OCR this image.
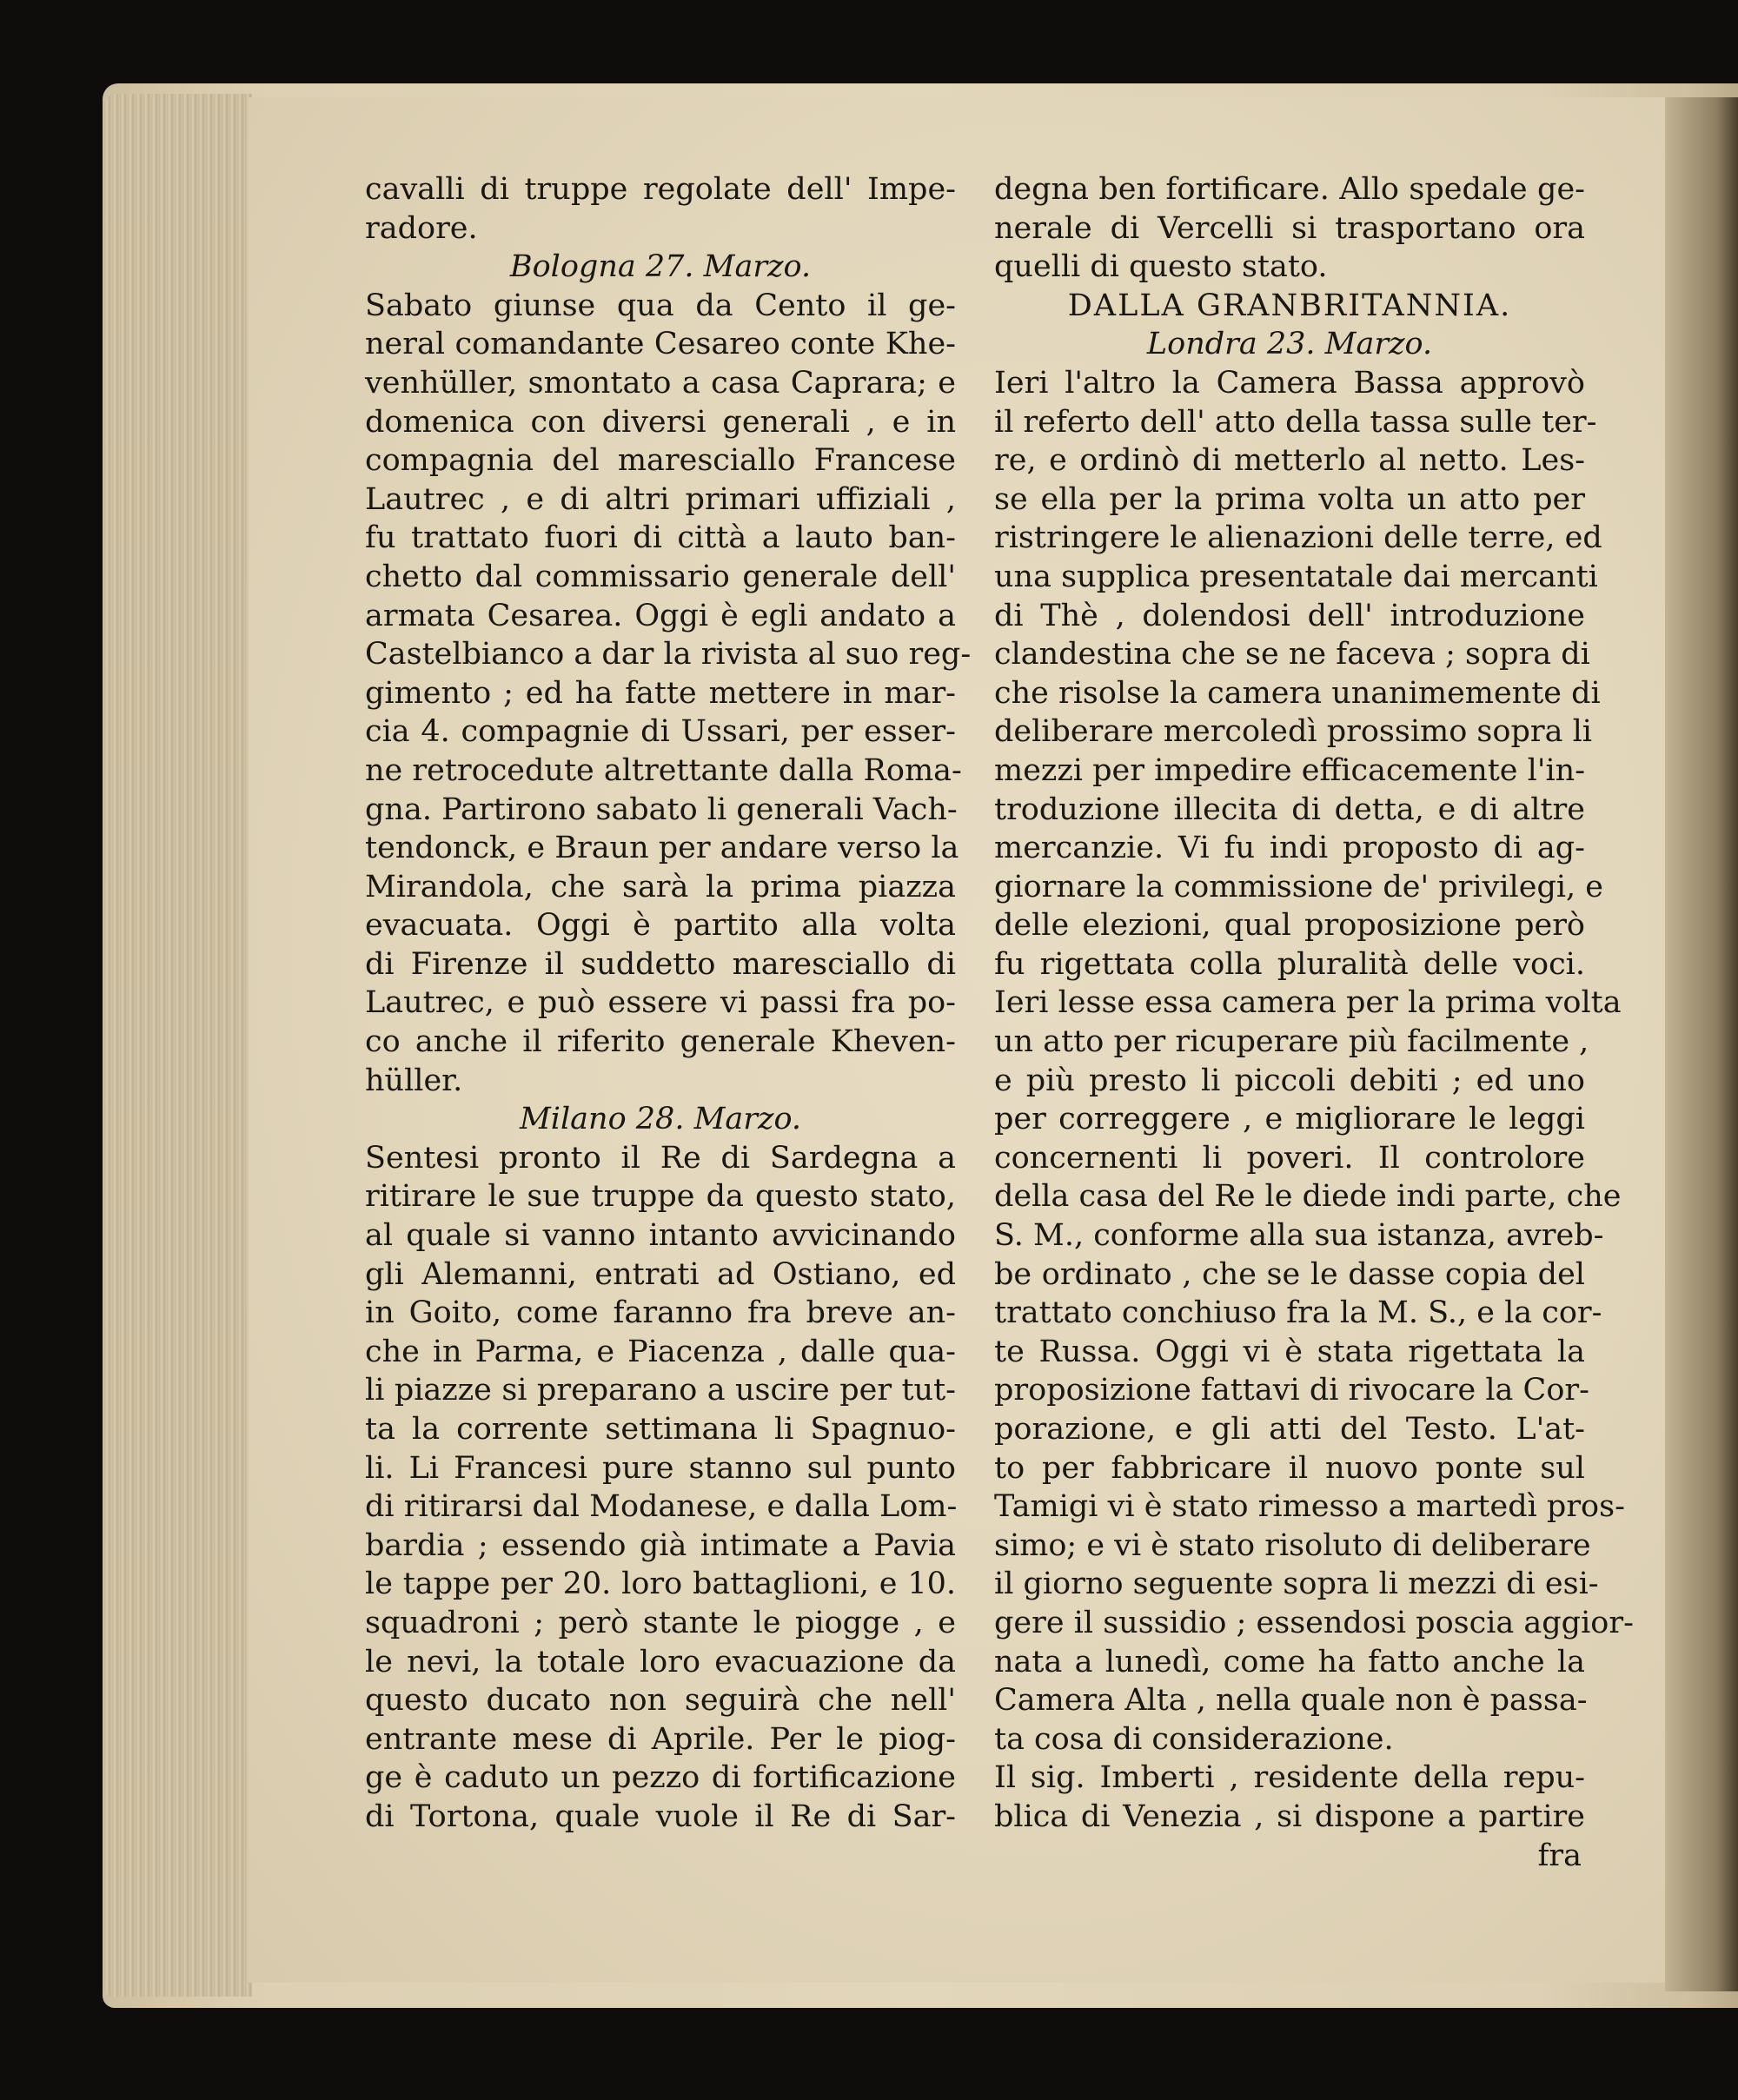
cavalli di truppe regolate dell' Impe-
radore.
Bologna 27. Marzo.
Sabato giunse qua da Cento il ge-
neral comandante Cesareo conte Khe-
venhüller, smontato a casa Caprara; e
domenica con diversi generali , e in
compagnia del maresciallo Francese
Lautrec , e di altri primari uffiziali ,
fu trattato fuori di città a lauto ban-
chetto dal commissario generale dell'
armata Cesarea. Oggi è egli andato a
Castelbianco a dar la rivista al suo reg-
gimento ; ed ha fatte mettere in mar-
cia 4. compagnie di Ussari, per esser-
ne retrocedute altrettante dalla Roma-
gna. Partirono sabato li generali Vach-
tendonck, e Braun per andare verso la
Mirandola, che sarà la prima piazza
evacuata. Oggi è partito alla volta
di Firenze il suddetto maresciallo di
Lautrec, e può essere vi passi fra po-
co anche il riferito generale Kheven-
hüller.
Milano 28. Marzo.
Sentesi pronto il Re di Sardegna a
ritirare le sue truppe da questo stato,
al quale si vanno intanto avvicinando
gli Alemanni, entrati ad Ostiano, ed
in Goito, come faranno fra breve an-
che in Parma, e Piacenza , dalle qua-
li piazze si preparano a uscire per tut-
ta la corrente settimana li Spagnuo-
li. Li Francesi pure stanno sul punto
di ritirarsi dal Modanese, e dalla Lom-
bardia ; essendo già intimate a Pavia
le tappe per 20. loro battaglioni, e 10.
squadroni ; però stante le piogge , e
le nevi, la totale loro evacuazione da
questo ducato non seguirà che nell'
entrante mese di Aprile. Per le piog-
ge è caduto un pezzo di fortificazione
di Tortona, quale vuole il Re di Sar-
degna ben fortificare. Allo spedale ge-
nerale di Vercelli si trasportano ora
quelli di questo stato.
DALLA GRANBRITANNIA.
Londra 23. Marzo.
Ieri l'altro la Camera Bassa approvò
il referto dell' atto della tassa sulle ter-
re, e ordinò di metterlo al netto. Les-
se ella per la prima volta un atto per
ristringere le alienazioni delle terre, ed
una supplica presentatale dai mercanti
di Thè , dolendosi dell' introduzione
clandestina che se ne faceva ; sopra di
che risolse la camera unanimemente di
deliberare mercoledì prossimo sopra li
mezzi per impedire efficacemente l'in-
troduzione illecita di detta, e di altre
mercanzie. Vi fu indi proposto di ag-
giornare la commissione de' privilegi, e
delle elezioni, qual proposizione però
fu rigettata colla pluralità delle voci.
Ieri lesse essa camera per la prima volta
un atto per ricuperare più facilmente ,
e più presto li piccoli debiti ; ed uno
per correggere , e migliorare le leggi
concernenti li poveri. Il controlore
della casa del Re le diede indi parte, che
S. M., conforme alla sua istanza, avreb-
be ordinato , che se le dasse copia del
trattato conchiuso fra la M. S., e la cor-
te Russa. Oggi vi è stata rigettata la
proposizione fattavi di rivocare la Cor-
porazione, e gli atti del Testo. L'at-
to per fabbricare il nuovo ponte sul
Tamigi vi è stato rimesso a martedì pros-
simo; e vi è stato risoluto di deliberare
il giorno seguente sopra li mezzi di esi-
gere il sussidio ; essendosi poscia aggior-
nata a lunedì, come ha fatto anche la
Camera Alta , nella quale non è passa-
ta cosa di considerazione.
Il sig. Imberti , residente della repu-
blica di Venezia , si dispone a partire
fra
